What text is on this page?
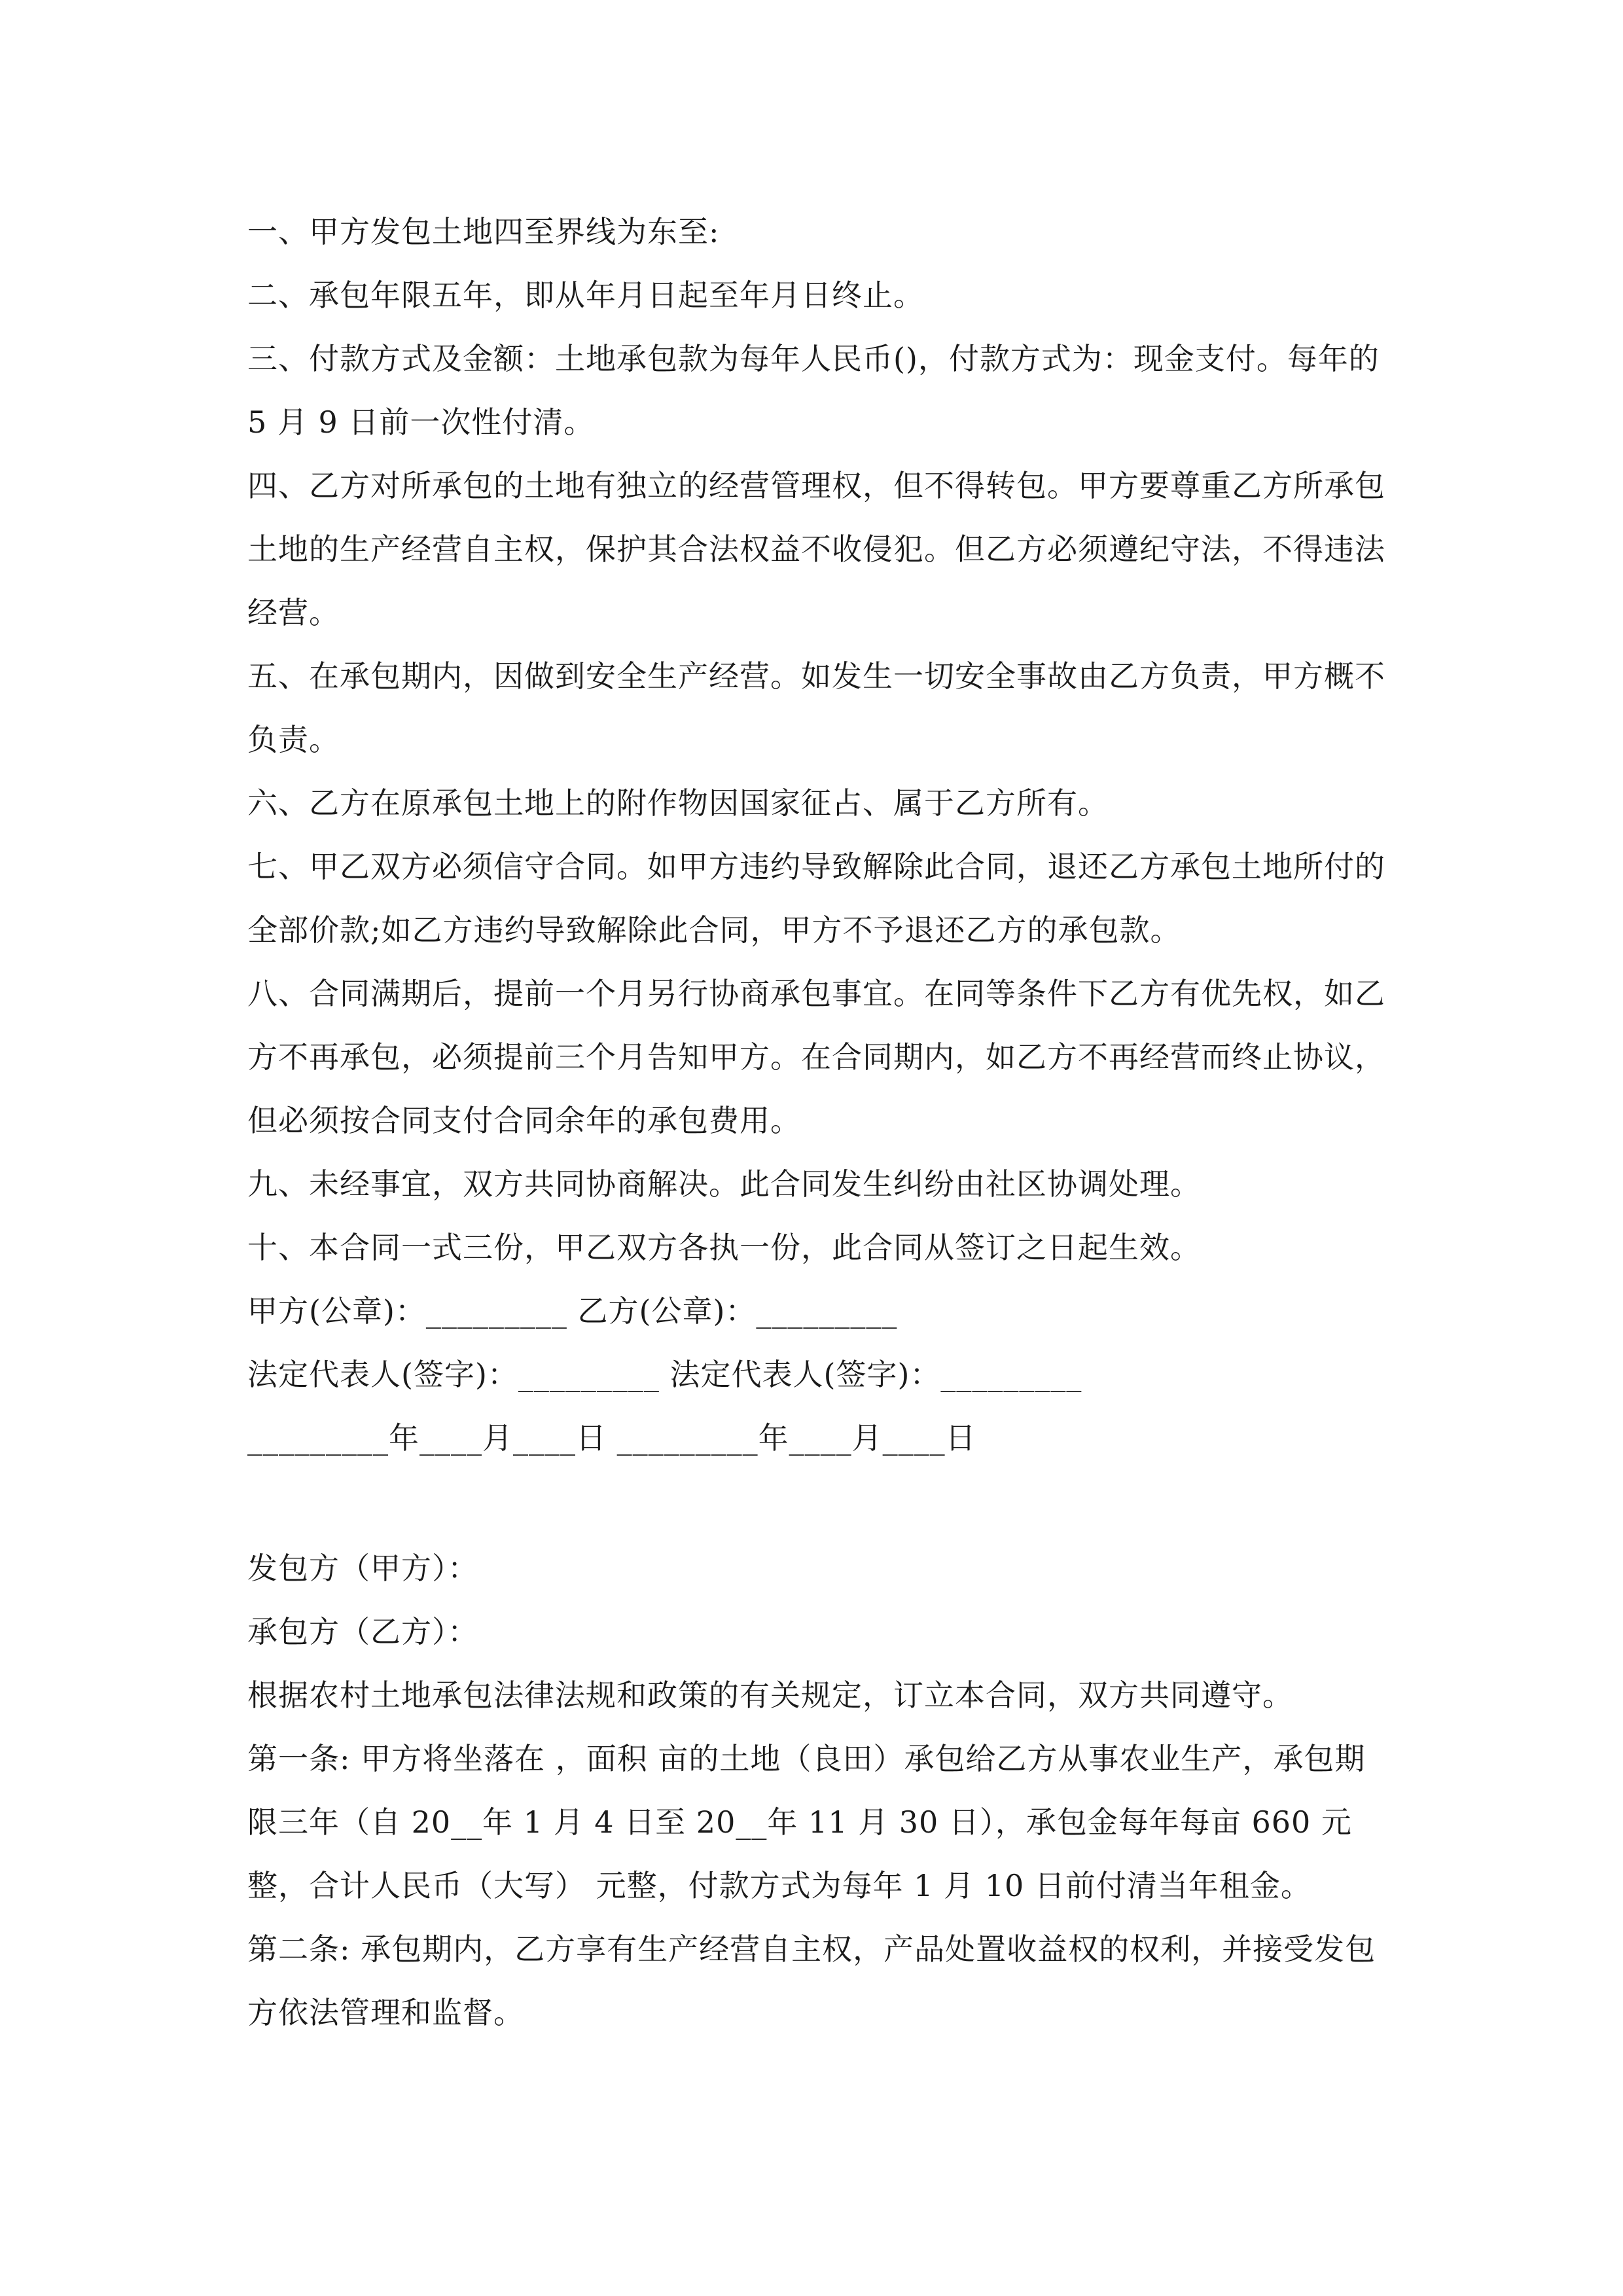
一、甲方发包土地四至界线为东至:

二、承包年限五年，即从年月日起至年月日终止。

三、付款方式及金额：土地承包款为每年人民币()，付款方式为：现金支付。每年的 5 月 9 日前一次性付清。

四、乙方对所承包的土地有独立的经营管理权，但不得转包。甲方要尊重乙方所承包土地的生产经营自主权，保护其合法权益不收侵犯。但乙方必须遵纪守法，不得违法经营。

五、在承包期内，因做到安全生产经营。如发生一切安全事故由乙方负责，甲方概不负责。

六、乙方在原承包土地上的附作物因国家征占、属于乙方所有。

七、甲乙双方必须信守合同。如甲方违约导致解除此合同，退还乙方承包土地所付的全部价款;如乙方违约导致解除此合同，甲方不予退还乙方的承包款。

八、合同满期后，提前一个月另行协商承包事宜。在同等条件下乙方有优先权，如乙方不再承包，必须提前三个月告知甲方。在合同期内，如乙方不再经营而终止协议，但必须按合同支付合同余年的承包费用。

九、未经事宜，双方共同协商解决。此合同发生纠纷由社区协调处理。

十、本合同一式三份，甲乙双方各执一份，此合同从签订之日起生效。

甲方(公章)：_________ 乙方(公章)：_________

法定代表人(签字)：_________ 法定代表人(签字)：_________

_________年____月____日 _________年____月____日

发包方（甲方）：

承包方（乙方）：

根据农村土地承包法律法规和政策的有关规定，订立本合同，双方共同遵守。

第一条: 甲方将坐落在 ，面积 亩的土地（良田）承包给乙方从事农业生产，承包期限三年（自 20__年 1 月 4 日至 20__年 11 月 30 日），承包金每年每亩 660 元整，合计人民币（大写） 元整，付款方式为每年 1 月 10 日前付清当年租金。

第二条: 承包期内，乙方享有生产经营自主权，产品处置收益权的权利，并接受发包方依法管理和监督。
